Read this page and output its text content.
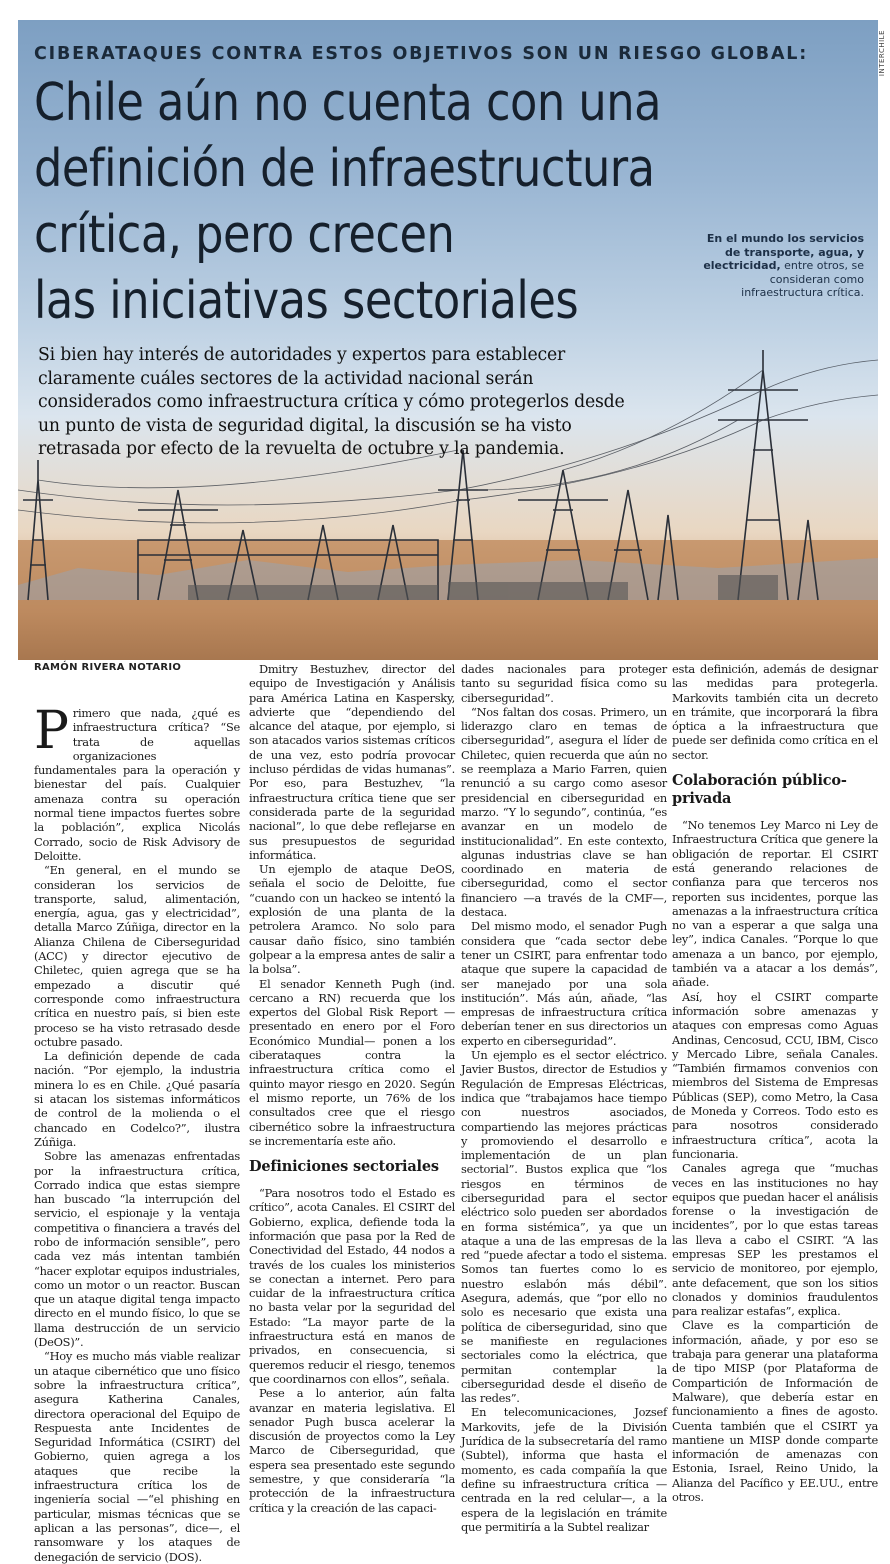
INTERCHILE
CIBERATAQUES CONTRA ESTOS OBJETIVOS SON UN RIESGO GLOBAL:
Chile aún no cuenta con una
definición de infraestructura
crítica, pero crecen
las iniciativas sectoriales
En el mundo los servicios de transporte, agua, y electricidad, entre otros, se consideran como infraestructura crítica.
Si bien hay interés de autoridades y expertos para establecer claramente cuáles sectores de la actividad nacional serán considerados como infraestructura crítica y cómo protegerlos desde un punto de vista de seguridad digital, la discusión se ha visto retrasada por efecto de la revuelta de octubre y la pandemia.
RAMÓN RIVERA NOTARIO
P rimero que nada, ¿qué es infraestructura crítica? “Se trata de aquellas organizaciones fundamentales para la operación y bienestar del país. Cualquier amenaza contra su operación normal tiene impactos fuertes sobre la población”, explica Nicolás Corrado, socio de Risk Advisory de Deloitte.

“En general, en el mundo se consideran los servicios de transporte, salud, alimentación, energía, agua, gas y electricidad”, detalla Marco Zúñiga, director en la Alianza Chilena de Ciberseguridad (ACC) y director ejecutivo de Chiletec, quien agrega que se ha empezado a discutir qué corresponde como infraestructura crítica en nuestro país, si bien este proceso se ha visto retrasado desde octubre pasado.

La definición depende de cada nación. “Por ejemplo, la industria minera lo es en Chile. ¿Qué pasaría si atacan los sistemas informáticos de control de la molienda o el chancado en Codelco?”, ilustra Zúñiga.

Sobre las amenazas enfrentadas por la infraestructura crítica, Corrado indica que estas siempre han buscado “la interrupción del servicio, el espionaje y la ventaja competitiva o financiera a través del robo de información sensible”, pero cada vez más intentan también “hacer explotar equipos industriales, como un motor o un reactor. Buscan que un ataque digital tenga impacto directo en el mundo físico, lo que se llama destrucción de un servicio (DeOS)”.

“Hoy es mucho más viable realizar un ataque cibernético que uno físico sobre la infraestructura crítica”, asegura Katherina Canales, directora operacional del Equipo de Respuesta ante Incidentes de Seguridad Informática (CSIRT) del Gobierno, quien agrega a los ataques que recibe la infraestructura crítica los de ingeniería social —“el phishing en particular, mismas técnicas que se aplican a las personas”, dice—, el ransomware y los ataques de denegación de servicio (DOS).

Dmitry Bestuzhev, director del equipo de Investigación y Análisis para América Latina en Kaspersky, advierte que “dependiendo del alcance del ataque, por ejemplo, si son atacados varios sistemas críticos de una vez, esto podría provocar incluso pérdidas de vidas humanas”. Por eso, para Bestuzhev, “la infraestructura crítica tiene que ser considerada parte de la seguridad nacional”, lo que debe reflejarse en sus presupuestos de seguridad informática.

Un ejemplo de ataque DeOS, señala el socio de Deloitte, fue “cuando con un hackeo se intentó la explosión de una planta de la petrolera Aramco. No solo para causar daño físico, sino también golpear a la empresa antes de salir a la bolsa”.

El senador Kenneth Pugh (ind. cercano a RN) recuerda que los expertos del Global Risk Report —presentado en enero por el Foro Económico Mundial— ponen a los ciberataques contra la infraestructura crítica como el quinto mayor riesgo en 2020. Según el mismo reporte, un 76% de los consultados cree que el riesgo cibernético sobre la infraestructura se incrementaría este año.

Definiciones sectoriales

“Para nosotros todo el Estado es crítico”, acota Canales. El CSIRT del Gobierno, explica, defiende toda la información que pasa por la Red de Conectividad del Estado, 44 nodos a través de los cuales los ministerios se conectan a internet. Pero para cuidar de la infraestructura crítica no basta velar por la seguridad del Estado: “La mayor parte de la infraestructura está en manos de privados, en consecuencia, si queremos reducir el riesgo, tenemos que coordinarnos con ellos”, señala.

Pese a lo anterior, aún falta avanzar en materia legislativa. El senador Pugh busca acelerar la discusión de proyectos como la Ley Marco de Ciberseguridad, que espera sea presentado este segundo semestre, y que consideraría “la protección de la infraestructura crítica y la creación de las capaci-

dades nacionales para proteger tanto su seguridad física como su ciberseguridad”.

“Nos faltan dos cosas. Primero, un liderazgo claro en temas de ciberseguridad”, asegura el líder de Chiletec, quien recuerda que aún no se reemplaza a Mario Farren, quien renunció a su cargo como asesor presidencial en ciberseguridad en marzo. “Y lo segundo”, continúa, “es avanzar en un modelo de institucionalidad”. En este contexto, algunas industrias clave se han coordinado en materia de ciberseguridad, como el sector financiero —a través de la CMF—, destaca.

Del mismo modo, el senador Pugh considera que “cada sector debe tener un CSIRT, para enfrentar todo ataque que supere la capacidad de ser manejado por una sola institución”. Más aún, añade, “las empresas de infraestructura crítica deberían tener en sus directorios un experto en ciberseguridad”.

Un ejemplo es el sector eléctrico. Javier Bustos, director de Estudios y Regulación de Empresas Eléctricas, indica que “trabajamos hace tiempo con nuestros asociados, compartiendo las mejores prácticas y promoviendo el desarrollo e implementación de un plan sectorial”. Bustos explica que “los riesgos en términos de ciberseguridad para el sector eléctrico solo pueden ser abordados en forma sistémica”, ya que un ataque a una de las empresas de la red “puede afectar a todo el sistema. Somos tan fuertes como lo es nuestro eslabón más débil”. Asegura, además, que “por ello no solo es necesario que exista una política de ciberseguridad, sino que se manifieste en regulaciones sectoriales como la eléctrica, que permitan contemplar la ciberseguridad desde el diseño de las redes”.

En telecomunicaciones, Jozsef Markovits, jefe de la División Jurídica de la subsecretaría del ramo (Subtel), informa que hasta el momento, es cada compañía la que define su infraestructura crítica —centrada en la red celular—, a la espera de la legislación en trámite que permitiría a la Subtel realizar

esta definición, además de designar las medidas para protegerla. Markovits también cita un decreto en trámite, que incorporará la fibra óptica a la infraestructura que puede ser definida como crítica en el sector.

Colaboración público-privada

“No tenemos Ley Marco ni Ley de Infraestructura Crítica que genere la obligación de reportar. El CSIRT está generando relaciones de confianza para que terceros nos reporten sus incidentes, porque las amenazas a la infraestructura crítica no van a esperar a que salga una ley”, indica Canales. “Porque lo que amenaza a un banco, por ejemplo, también va a atacar a los demás”, añade.

Así, hoy el CSIRT comparte información sobre amenazas y ataques con empresas como Aguas Andinas, Cencosud, CCU, IBM, Cisco y Mercado Libre, señala Canales. “También firmamos convenios con miembros del Sistema de Empresas Públicas (SEP), como Metro, la Casa de Moneda y Correos. Todo esto es para nosotros considerado infraestructura crítica”, acota la funcionaria.

Canales agrega que “muchas veces en las instituciones no hay equipos que puedan hacer el análisis forense o la investigación de incidentes”, por lo que estas tareas las lleva a cabo el CSIRT. “A las empresas SEP les prestamos el servicio de monitoreo, por ejemplo, ante defacement, que son los sitios clonados y dominios fraudulentos para realizar estafas”, explica.

Clave es la compartición de información, añade, y por eso se trabaja para generar una plataforma de tipo MISP (por Plataforma de Compartición de Información de Malware), que debería estar en funcionamiento a fines de agosto. Cuenta también que el CSIRT ya mantiene un MISP donde comparte información de amenazas con Estonia, Israel, Reino Unido, la Alianza del Pacífico y EE.UU., entre otros.
